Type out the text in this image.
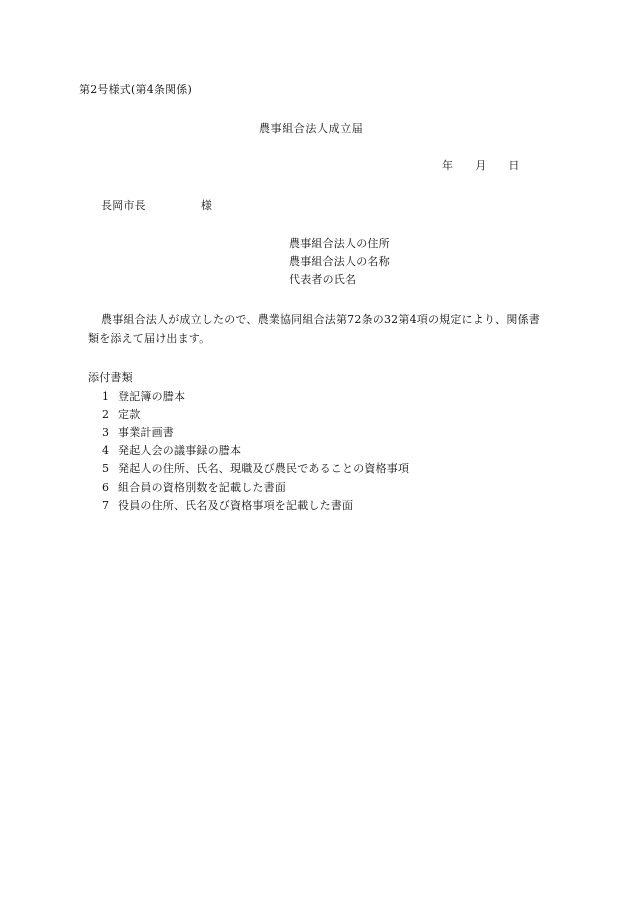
第2号様式(第4条関係)
農事組合法人成立届
年 月 日
長岡市長	様
農事組合法人の住所
農事組合法人の名称
代表者の氏名
農事組合法人が成立したので、農業協同組合法第72条の32第4項の規定により、関係書
類を添えて届け出ます。
添付書類
1 登記簿の謄本
2 定款
3 事業計画書
4 発起人会の議事録の謄本
5 発起人の住所、氏名、現職及び農民であることの資格事項
6 組合員の資格別数を記載した書面
7 役員の住所、氏名及び資格事項を記載した書面
